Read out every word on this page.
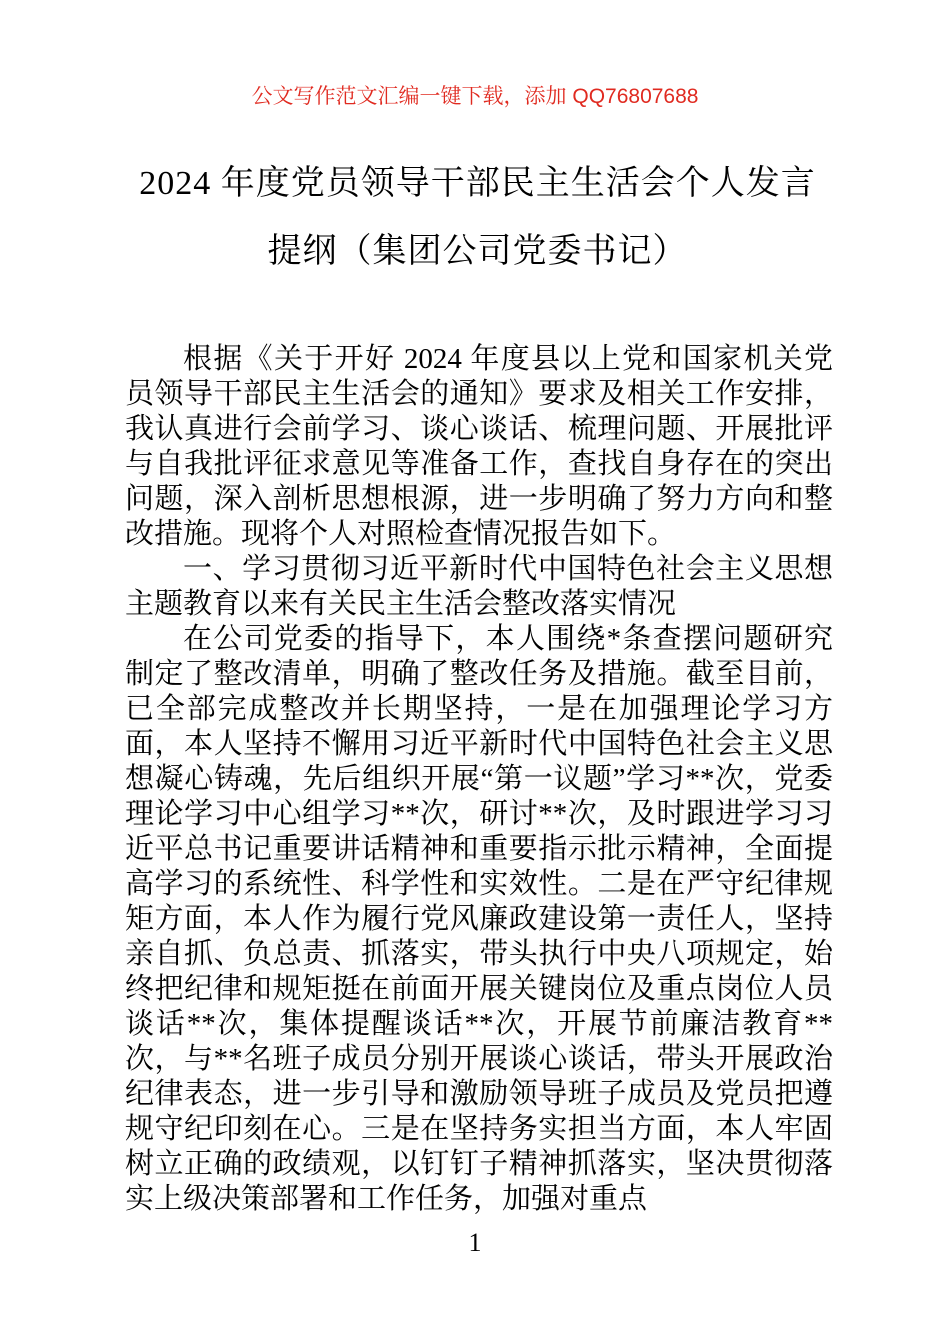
公文写作范文汇编一键下载，添加 QQ76807688
2024 年度党员领导干部民主生活会个人发言提纲（集团公司党委书记）

根据《关于开好 2024 年度县以上党和国家机关党员领导干部民主生活会的通知》要求及相关工作安排，我认真进行会前学习、谈心谈话、梳理问题、开展批评与自我批评征求意见等准备工作，查找自身存在的突出问题，深入剖析思想根源，进一步明确了努力方向和整改措施。现将个人对照检查情况报告如下。

一、学习贯彻习近平新时代中国特色社会主义思想主题教育以来有关民主生活会整改落实情况

在公司党委的指导下，本人围绕*条查摆问题研究制定了整改清单，明确了整改任务及措施。截至目前，已全部完成整改并长期坚持，一是在加强理论学习方面，本人坚持不懈用习近平新时代中国特色社会主义思想凝心铸魂，先后组织开展“第一议题”学习**次，党委理论学习中心组学习**次，研讨**次，及时跟进学习习近平总书记重要讲话精神和重要指示批示精神，全面提高学习的系统性、科学性和实效性。二是在严守纪律规矩方面，本人作为履行党风廉政建设第一责任人，坚持亲自抓、负总责、抓落实，带头执行中央八项规定，始终把纪律和规矩挺在前面开展关键岗位及重点岗位人员谈话**次，集体提醒谈话**次，开展节前廉洁教育**次，与**名班子成员分别开展谈心谈话，带头开展政治纪律表态，进一步引导和激励领导班子成员及党员把遵规守纪印刻在心。三是在坚持务实担当方面，本人牢固树立正确的政绩观，以钉钉子精神抓落实，坚决贯彻落实上级决策部署和工作任务，加强对重点

1
